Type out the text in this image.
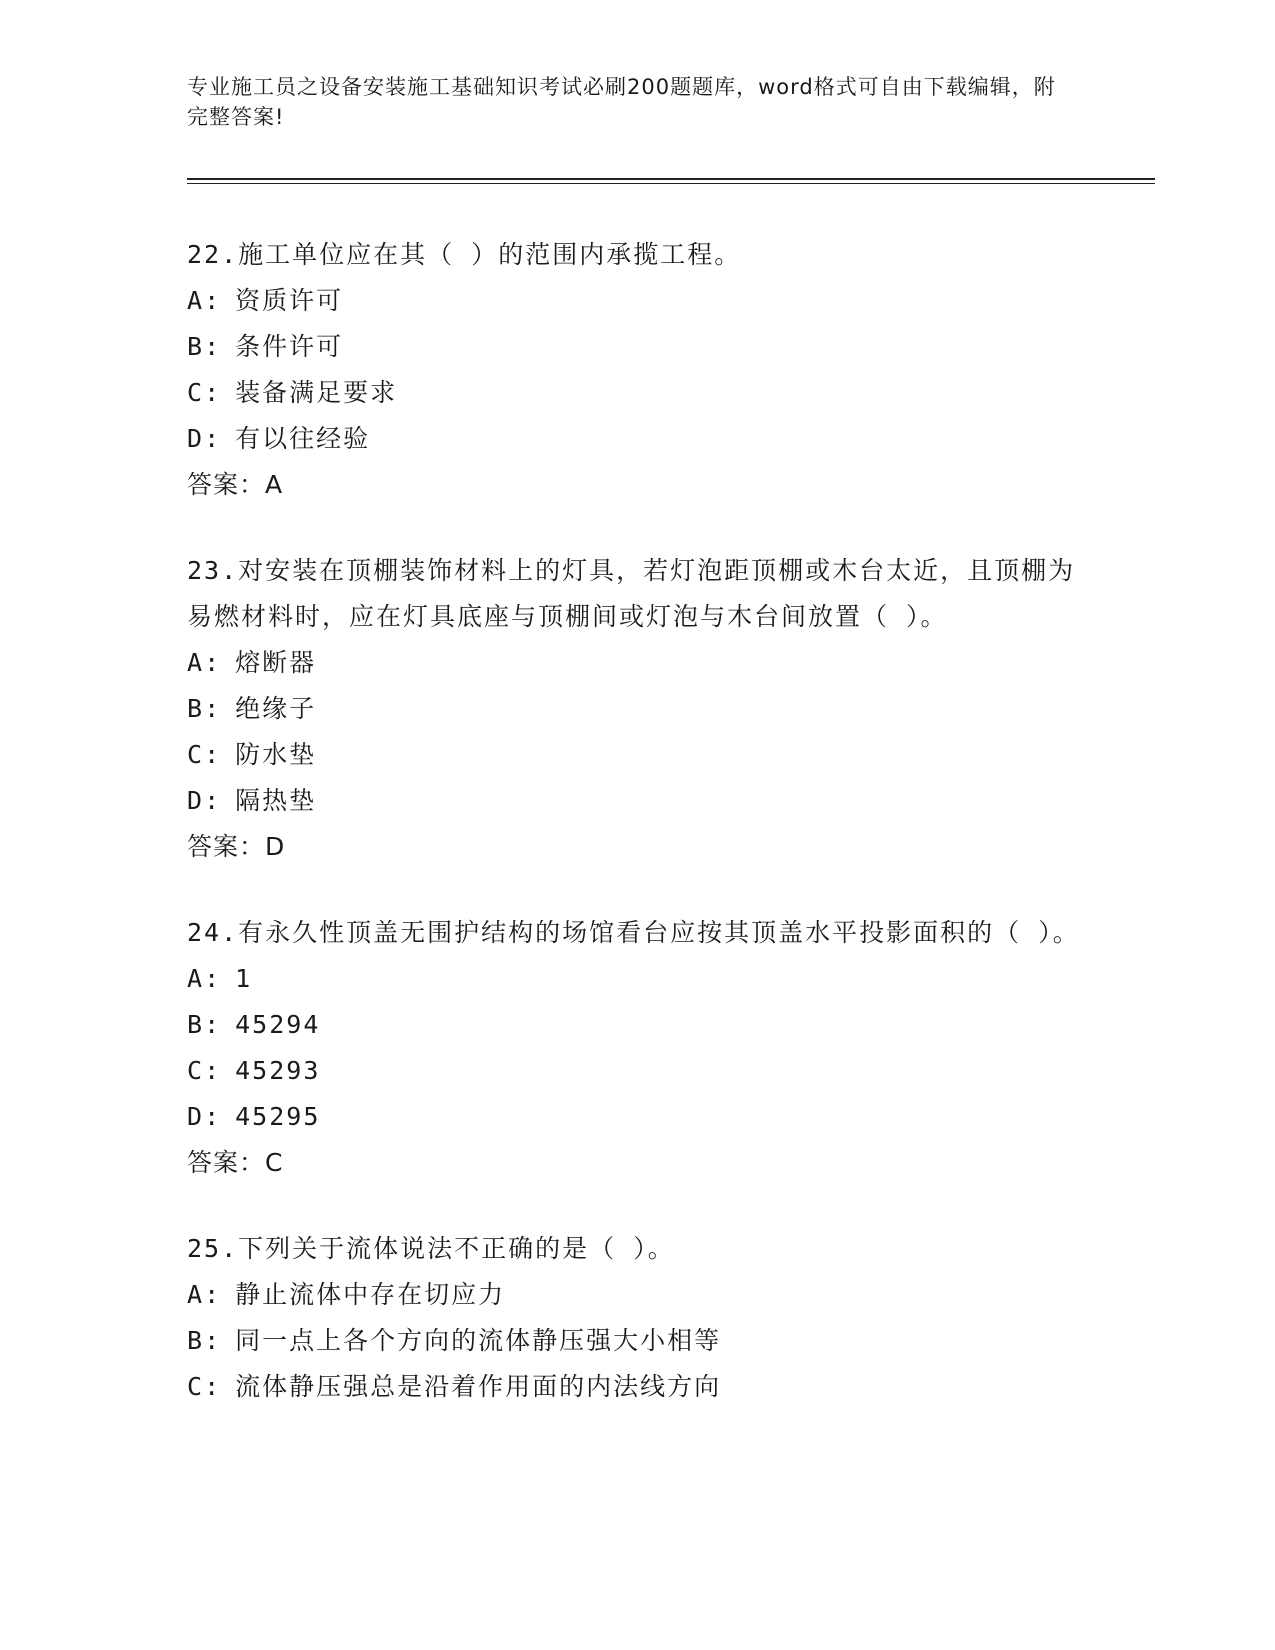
专业施工员之设备安装施工基础知识考试必刷200题题库，word格式可自由下载编辑，附完整答案!

22.施工单位应在其（ ）的范围内承揽工程。

A: 资质许可

B: 条件许可

C: 装备满足要求

D: 有以往经验

答案：A

23.对安装在顶棚装饰材料上的灯具，若灯泡距顶棚或木台太近，且顶棚为易燃材料时，应在灯具底座与顶棚间或灯泡与木台间放置（ ）。

A: 熔断器

B: 绝缘子

C: 防水垫

D: 隔热垫

答案：D

24.有永久性顶盖无围护结构的场馆看台应按其顶盖水平投影面积的（ ）。

A: 1

B: 45294

C: 45293

D: 45295

答案：C

25.下列关于流体说法不正确的是（ ）。

A: 静止流体中存在切应力

B: 同一点上各个方向的流体静压强大小相等

C: 流体静压强总是沿着作用面的内法线方向
